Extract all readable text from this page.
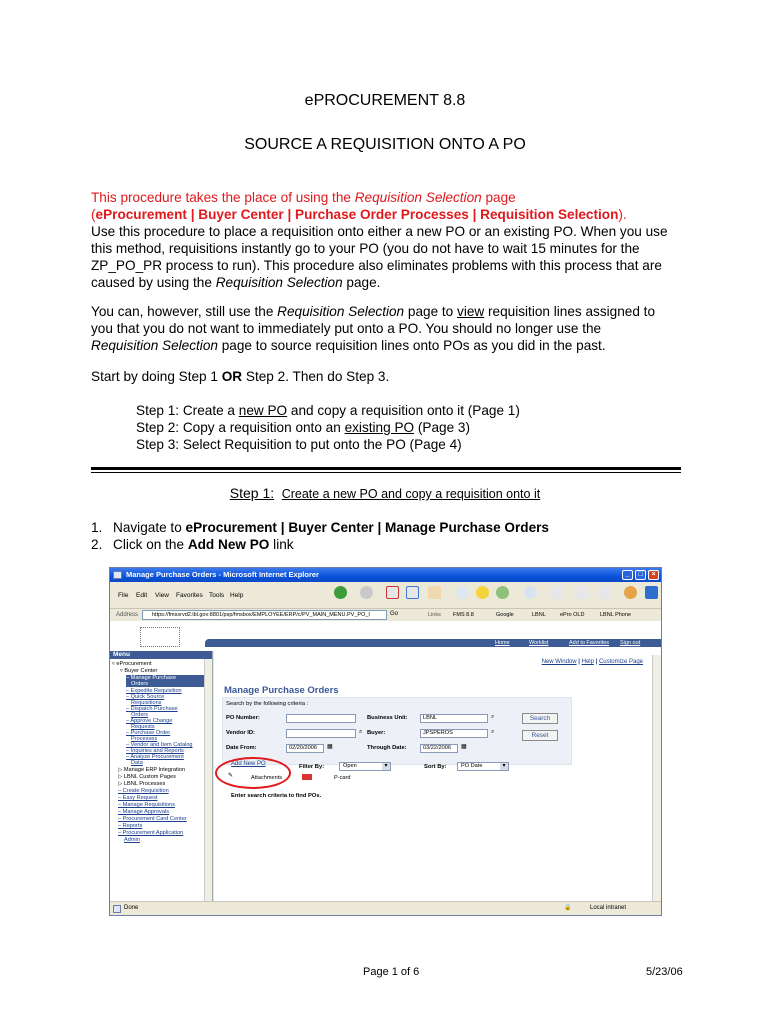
ePROCUREMENT 8.8
SOURCE A REQUISITION ONTO A PO
This procedure takes the place of using the Requisition Selection page
(eProcurement | Buyer Center | Purchase Order Processes | Requisition Selection).
Use this procedure to place a requisition onto either a new PO or an existing PO. When you use
this method, requisitions instantly go to your PO (you do not have to wait 15 minutes for the
ZP_PO_PR process to run). This procedure also eliminates problems with this process that are
caused by using the Requisition Selection page.
You can, however, still use the Requisition Selection page to view requisition lines assigned to
you that you do not want to immediately put onto a PO. You should no longer use the
Requisition Selection page to source requisition lines onto POs as you did in the past.
Start by doing Step 1 OR Step 2. Then do Step 3.
Step 1: Create a new PO and copy a requisition onto it (Page 1)
Step 2: Copy a requisition onto an existing PO (Page 3)
Step 3: Select Requisition to put onto the PO (Page 4)
Step 1: Create a new PO and copy a requisition onto it
1. Navigate to eProcurement | Buyer Center | Manage Purchase Orders
2. Click on the Add New PO link
Manage Purchase Orders - Microsoft Internet Explorer	_	□	×
File Edit View Favorites Tools Help
Address	https://fmssrvd2.lbl.gov:8801/psp/fmsbox/EMPLOYEE/ERP/c/PV_MAIN_MENU.PV_PO_I	Go	Links FMS 8.8	Google	LBNL	ePro OLD	LBNL Phone
Home	Worklist	Add to Favorites Sign out
Menu
▿ eProcurement
▿ Buyer Center
– Manage Purchase
Orders
– Expedite Requisition
– Quick Source
Requisitions
– Dispatch Purchase
Orders
– Approve Change
Requests
– Purchase Order
Processes
– Vendor and Item Catalog
– Inquiries and Reports
– Analyze Procurement
Data
▷ Manage ERP Integration
▷ LBNL Custom Pages
▷ LBNL Processes
– Create Requisition
– Easy Request
– Manage Requisitions
– Manage Approvals
– Procurement Card Center
– Reports
– Procurement Application
Admin
New Window | Help | Customize Page
Manage Purchase Orders
Search by the following criteria :
PO Number:	Business Unit:	LBNL	⌕	Search
Vendor ID:	⌕ Buyer:	JPSPEROS	⌕	Reset
Date From:	02/20/2006	▦	Through Date:	03/22/2006	▦
Add New PO	Filter By:	Open ▾	Sort By:	PO Date ▾
✎	Attachments	P-card
Enter search criteria to find POs.
Done	🔒	Local intranet
Page 1 of 6	5/23/06
